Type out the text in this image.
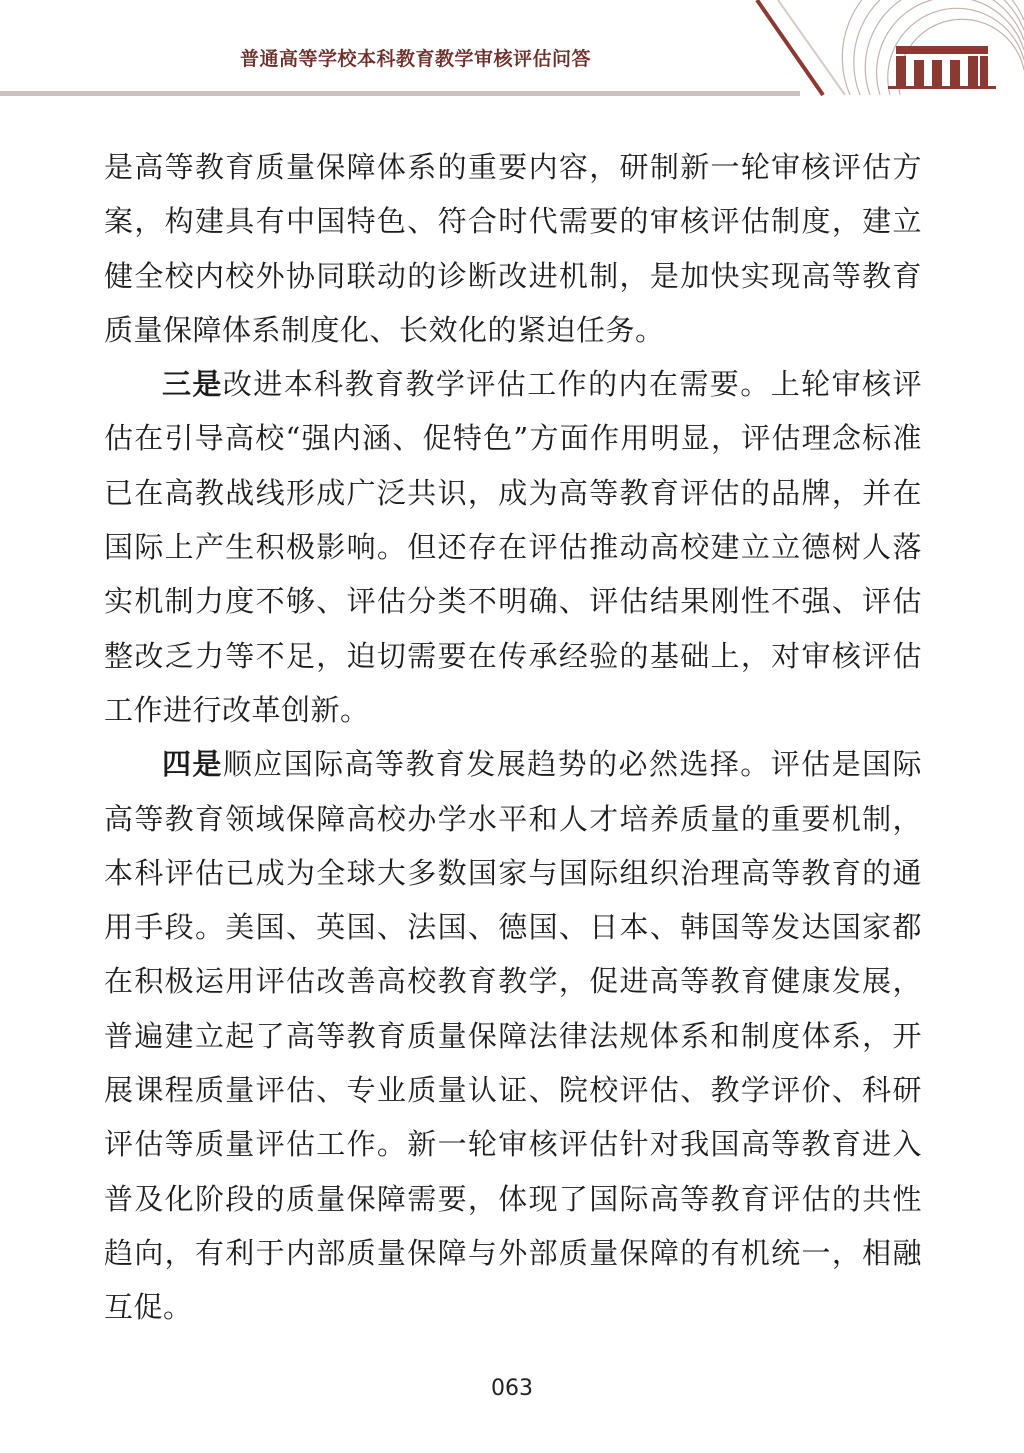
普通高等学校本科教育教学审核评估问答

是高等教育质量保障体系的重要内容，研制新一轮审核评估方案，构建具有中国特色、符合时代需要的审核评估制度，建立健全校内校外协同联动的诊断改进机制，是加快实现高等教育质量保障体系制度化、长效化的紧迫任务。

三是改进本科教育教学评估工作的内在需要。上轮审核评估在引导高校“强内涵、促特色”方面作用明显，评估理念标准已在高教战线形成广泛共识，成为高等教育评估的品牌，并在国际上产生积极影响。但还存在评估推动高校建立立德树人落实机制力度不够、评估分类不明确、评估结果刚性不强、评估整改乏力等不足，迫切需要在传承经验的基础上，对审核评估工作进行改革创新。

四是顺应国际高等教育发展趋势的必然选择。评估是国际高等教育领域保障高校办学水平和人才培养质量的重要机制，本科评估已成为全球大多数国家与国际组织治理高等教育的通用手段。美国、英国、法国、德国、日本、韩国等发达国家都在积极运用评估改善高校教育教学，促进高等教育健康发展，普遍建立起了高等教育质量保障法律法规体系和制度体系，开展课程质量评估、专业质量认证、院校评估、教学评价、科研评估等质量评估工作。新一轮审核评估针对我国高等教育进入普及化阶段的质量保障需要，体现了国际高等教育评估的共性趋向，有利于内部质量保障与外部质量保障的有机统一，相融互促。

063
